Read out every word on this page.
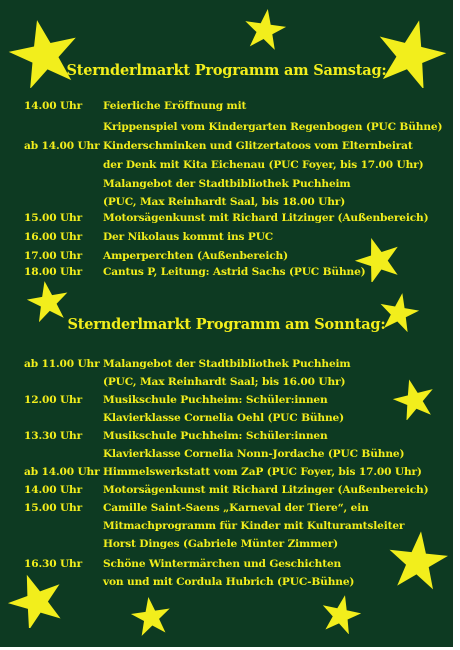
Sternderlmarkt Programm am Samstag:
14.00 Uhr Feierliche Eröffnung mit
Krippenspiel vom Kindergarten Regenbogen (PUC Bühne)
ab 14.00 Uhr Kinderschminken und Glitzertatoos vom Elternbeirat
der Denk mit Kita Eichenau (PUC Foyer, bis 17.00 Uhr)
Malangebot der Stadtbibliothek Puchheim
(PUC, Max Reinhardt Saal, bis 18.00 Uhr)
15.00 Uhr Motorsägenkunst mit Richard Litzinger (Außenbereich)
16.00 Uhr Der Nikolaus kommt ins PUC
17.00 Uhr Amperperchten (Außenbereich)
18.00 Uhr Cantus P, Leitung: Astrid Sachs (PUC Bühne)
Sternderlmarkt Programm am Sonntag:
ab 11.00 Uhr Malangebot der Stadtbibliothek Puchheim
(PUC, Max Reinhardt Saal; bis 16.00 Uhr)
12.00 Uhr Musikschule Puchheim: Schüler:innen
Klavierklasse Cornelia Oehl (PUC Bühne)
13.30 Uhr Musikschule Puchheim: Schüler:innen
Klavierklasse Cornelia Nonn-Jordache (PUC Bühne)
ab 14.00 Uhr Himmelswerkstatt vom ZaP (PUC Foyer, bis 17.00 Uhr)
14.00 Uhr Motorsägenkunst mit Richard Litzinger (Außenbereich)
15.00 Uhr Camille Saint-Saens „Karneval der Tiere“, ein
Mitmachprogramm für Kinder mit Kulturamtsleiter
Horst Dinges (Gabriele Münter Zimmer)
16.30 Uhr Schöne Wintermärchen und Geschichten
von und mit Cordula Hubrich (PUC-Bühne)
